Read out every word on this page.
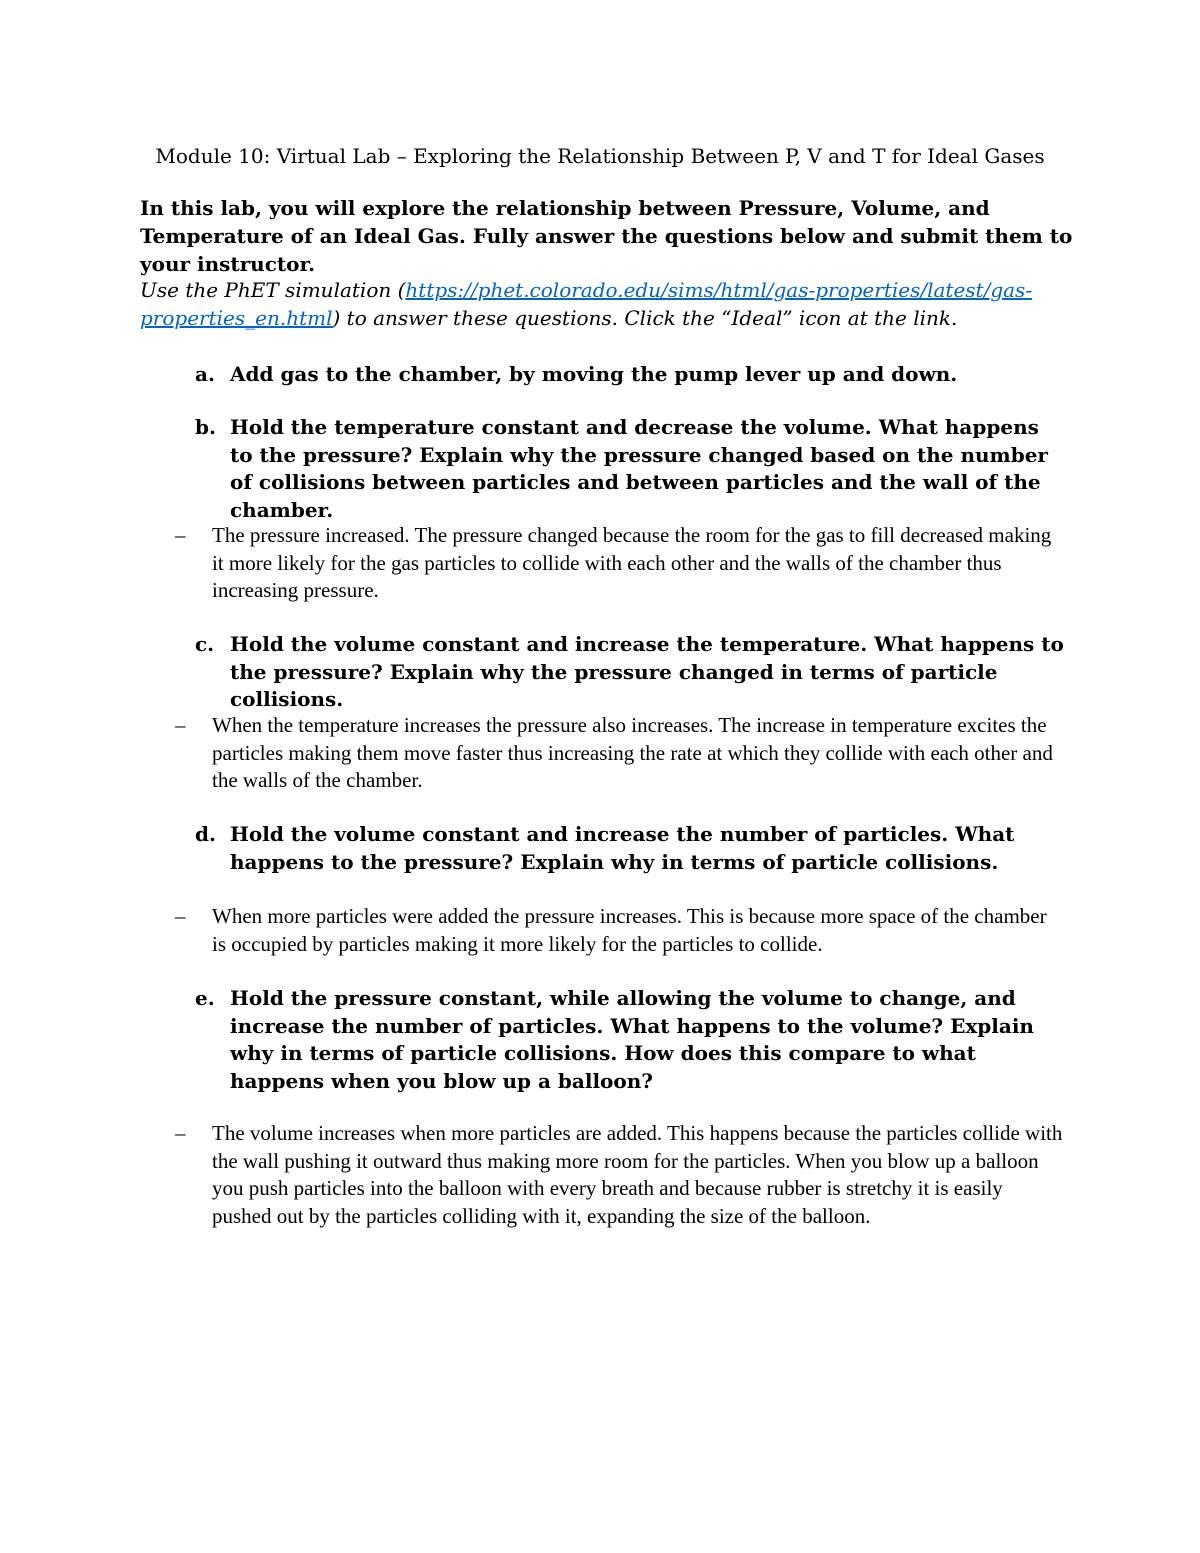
Module 10: Virtual Lab – Exploring the Relationship Between P, V and T for Ideal Gases
In this lab, you will explore the relationship between Pressure, Volume, and Temperature of an Ideal Gas. Fully answer the questions below and submit them to your instructor.
Use the PhET simulation (https://phet.colorado.edu/sims/html/gas-properties/latest/gas-properties_en.html) to answer these questions. Click the “Ideal” icon at the link.
a. Add gas to the chamber, by moving the pump lever up and down.
b. Hold the temperature constant and decrease the volume. What happens to the pressure? Explain why the pressure changed based on the number of collisions between particles and between particles and the wall of the chamber.
– The pressure increased. The pressure changed because the room for the gas to fill decreased making it more likely for the gas particles to collide with each other and the walls of the chamber thus increasing pressure.
c. Hold the volume constant and increase the temperature. What happens to the pressure? Explain why the pressure changed in terms of particle collisions.
– When the temperature increases the pressure also increases. The increase in temperature excites the particles making them move faster thus increasing the rate at which they collide with each other and the walls of the chamber.
d. Hold the volume constant and increase the number of particles. What happens to the pressure? Explain why in terms of particle collisions.
– When more particles were added the pressure increases. This is because more space of the chamber is occupied by particles making it more likely for the particles to collide.
e. Hold the pressure constant, while allowing the volume to change, and increase the number of particles. What happens to the volume? Explain why in terms of particle collisions. How does this compare to what happens when you blow up a balloon?
– The volume increases when more particles are added. This happens because the particles collide with the wall pushing it outward thus making more room for the particles. When you blow up a balloon you push particles into the balloon with every breath and because rubber is stretchy it is easily pushed out by the particles colliding with it, expanding the size of the balloon.
